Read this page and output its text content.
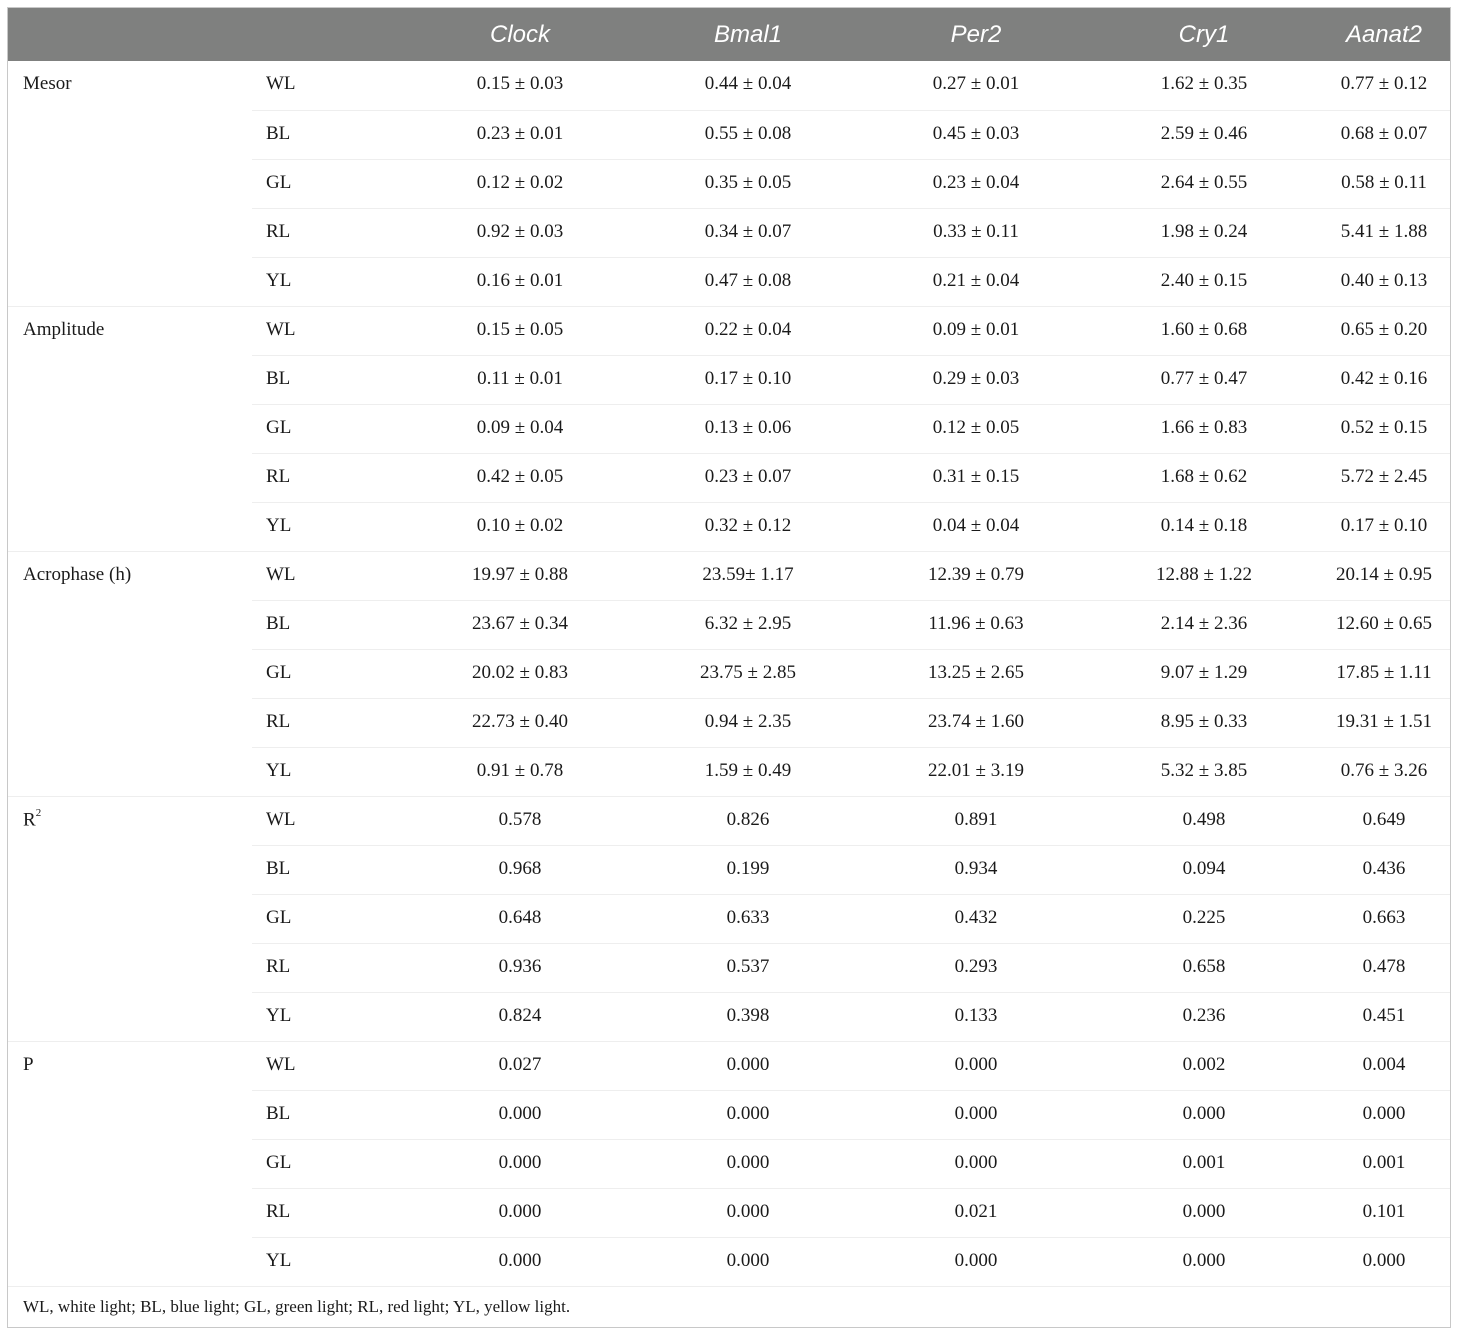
		Clock	Bmal1	Per2	Cry1	Aanat2
Mesor	WL	0.15 ± 0.03	0.44 ± 0.04	0.27 ± 0.01	1.62 ± 0.35	0.77 ± 0.12
	BL	0.23 ± 0.01	0.55 ± 0.08	0.45 ± 0.03	2.59 ± 0.46	0.68 ± 0.07
	GL	0.12 ± 0.02	0.35 ± 0.05	0.23 ± 0.04	2.64 ± 0.55	0.58 ± 0.11
	RL	0.92 ± 0.03	0.34 ± 0.07	0.33 ± 0.11	1.98 ± 0.24	5.41 ± 1.88
	YL	0.16 ± 0.01	0.47 ± 0.08	0.21 ± 0.04	2.40 ± 0.15	0.40 ± 0.13
Amplitude	WL	0.15 ± 0.05	0.22 ± 0.04	0.09 ± 0.01	1.60 ± 0.68	0.65 ± 0.20
	BL	0.11 ± 0.01	0.17 ± 0.10	0.29 ± 0.03	0.77 ± 0.47	0.42 ± 0.16
	GL	0.09 ± 0.04	0.13 ± 0.06	0.12 ± 0.05	1.66 ± 0.83	0.52 ± 0.15
	RL	0.42 ± 0.05	0.23 ± 0.07	0.31 ± 0.15	1.68 ± 0.62	5.72 ± 2.45
	YL	0.10 ± 0.02	0.32 ± 0.12	0.04 ± 0.04	0.14 ± 0.18	0.17 ± 0.10
Acrophase (h)	WL	19.97 ± 0.88	23.59± 1.17	12.39 ± 0.79	12.88 ± 1.22	20.14 ± 0.95
	BL	23.67 ± 0.34	6.32 ± 2.95	11.96 ± 0.63	2.14 ± 2.36	12.60 ± 0.65
	GL	20.02 ± 0.83	23.75 ± 2.85	13.25 ± 2.65	9.07 ± 1.29	17.85 ± 1.11
	RL	22.73 ± 0.40	0.94 ± 2.35	23.74 ± 1.60	8.95 ± 0.33	19.31 ± 1.51
	YL	0.91 ± 0.78	1.59 ± 0.49	22.01 ± 3.19	5.32 ± 3.85	0.76 ± 3.26
$R^2$	WL	0.578	0.826	0.891	0.498	0.649
	BL	0.968	0.199	0.934	0.094	0.436
	GL	0.648	0.633	0.432	0.225	0.663
	RL	0.936	0.537	0.293	0.658	0.478
	YL	0.824	0.398	0.133	0.236	0.451
P	WL	0.027	0.000	0.000	0.002	0.004
	BL	0.000	0.000	0.000	0.000	0.000
	GL	0.000	0.000	0.000	0.001	0.001
	RL	0.000	0.000	0.021	0.000	0.101
	YL	0.000	0.000	0.000	0.000	0.000
WL, white light; BL, blue light; GL, green light; RL, red light; YL, yellow light.
